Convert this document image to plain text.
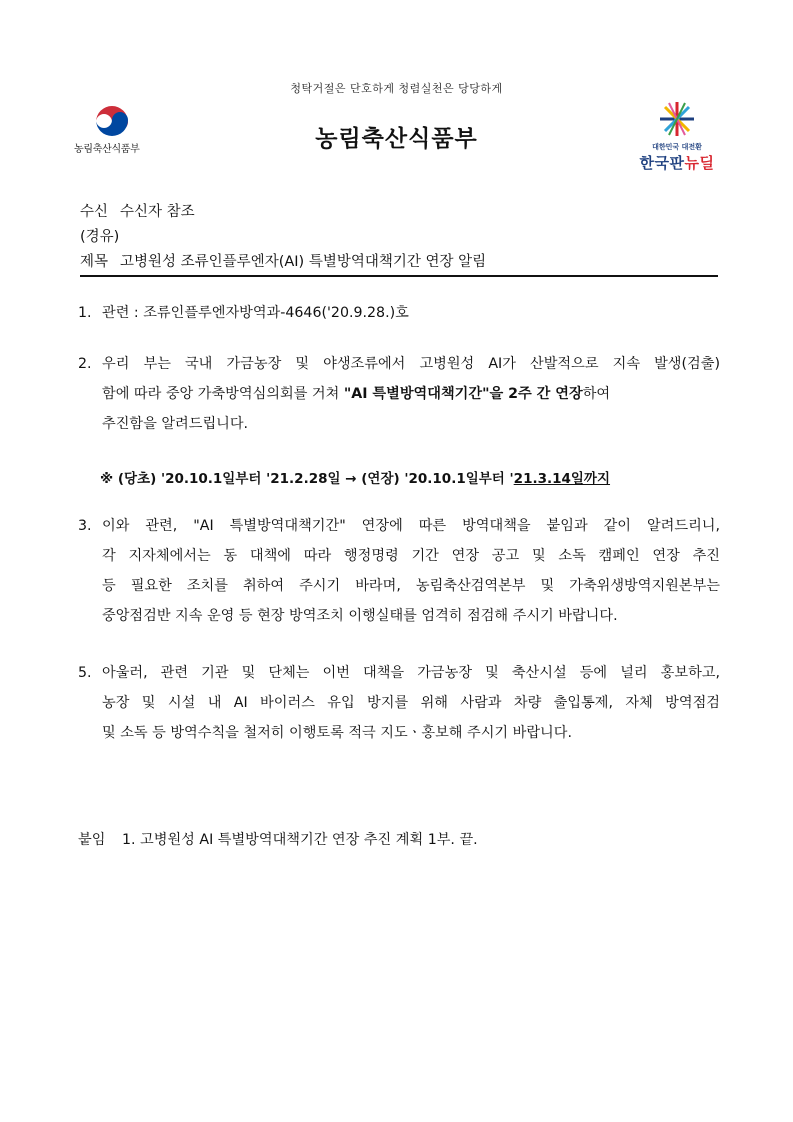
청탁거절은 단호하게 청렴실천은 당당하게
농림축산식품부	농림축산식품부	대한민국 대전환
한국판뉴딜
수신 수신자 참조
(경유)
제목 고병원성 조류인플루엔자(AI) 특별방역대책기간 연장 알림
1. 관련 : 조류인플루엔자방역과-4646('20.9.28.)호
2. 우리 부는 국내 가금농장 및 야생조류에서 고병원성 AI가 산발적으로 지속 발생(검출)
함에 따라 중앙 가축방역심의회를 거쳐 "AI 특별방역대책기간"을 2주 간 연장하여
추진함을 알려드립니다.
※ (당초) '20.10.1일부터 '21.2.28일 → (연장) '20.10.1일부터 '21.3.14일까지
3. 이와 관련, "AI 특별방역대책기간" 연장에 따른 방역대책을 붙임과 같이 알려드리니,
각 지자체에서는 동 대책에 따라 행정명령 기간 연장 공고 및 소독 캠페인 연장 추진
등 필요한 조치를 취하여 주시기 바라며, 농림축산검역본부 및 가축위생방역지원본부는
중앙점검반 지속 운영 등 현장 방역조치 이행실태를 엄격히 점검해 주시기 바랍니다.
5. 아울러, 관련 기관 및 단체는 이번 대책을 가금농장 및 축산시설 등에 널리 홍보하고,
농장 및 시설 내 AI 바이러스 유입 방지를 위해 사람과 차량 출입통제, 자체 방역점검
및 소독 등 방역수칙을 철저히 이행토록 적극 지도ㆍ홍보해 주시기 바랍니다.
붙임 1. 고병원성 AI 특별방역대책기간 연장 추진 계획 1부. 끝.
